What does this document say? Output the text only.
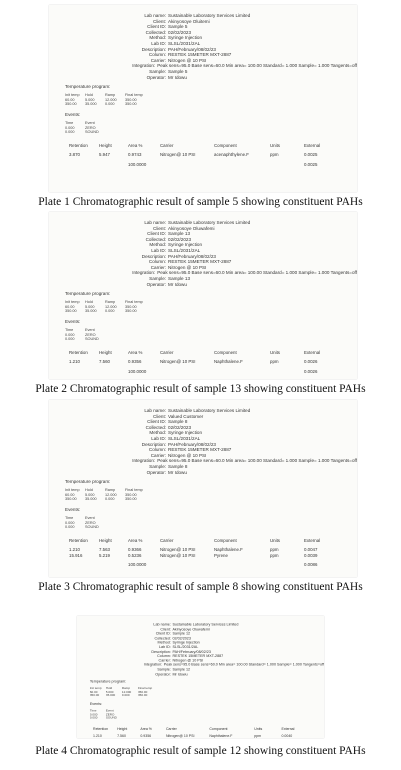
Lab name: Sustainable Laboratory Services Limited
Client: Akinyosoye Oluitemi
Client ID: Sample 5
Collected: 02/02/2023
Method: Syringe Injection
Lab ID: SLSL/2031/2AL
Description: PAH/February/08/02/23
Column: RESTEK 15METER MXT-2887
Carrier: Nitrogen @ 10 PSI
Integration: Peak sens=95.0 Base sens=60.0 Min area= 100.00 Standard= 1.000 Sample= 1.000 Tangents=off
Sample: Sample 5
Operator: Mr Idowu
Temperature program:
Init temp	Hold	Ramp	Final temp
60.00	5.000	12.000	350.00
350.00	35.000	0.000	350.00
Events:
Time	Event
0.000	ZERO
0.000	SOUND
Retention	Height	Area %	Carrier	Component	Units	External
3.870	5.947	0.9743	Nitrogen@ 10 PSI	acenaphthylene.F	ppm	0.0025
100.0000	0.0025
Plate 1 Chromatographic result of sample 5 showing constituent PAHs
Lab name: Sustainable Laboratory Services Limited
Client: Akinyosoye Oluwafemi
Client ID: Sample 13
Collected: 02/02/2023
Method: Syringe Injection
Lab ID: SLSL/2031/2AL
Description: PAH/February/08/02/23
Column: RESTEK 15METER MXT-2887
Carrier: Nitrogen @ 10 PSI
Integration: Peak sens=95.0 Base sens=60.0 Min area= 100.00 Standard= 1.000 Sample= 1.000 Tangents=off
Sample: Sample 13
Operator: Mr Idowu
Temperature program:
Init temp	Hold	Ramp	Final temp
60.00	5.000	12.000	350.00
350.00	35.000	0.000	350.00
Events:
Time	Event
0.000	ZERO
0.000	SOUND
Retention	Height	Area %	Carrier	Component	Units	External
1.210	7.560	0.9356	Nitrogen@ 10 PSI	Naphthalene.F	ppm	0.0026
100.0000	0.0026
Plate 2 Chromatographic result of sample 13 showing constituent PAHs
Lab name: Sustainable Laboratory Services Limited
Client: Valued Customer
Client ID: Sample 8
Collected: 02/02/2023
Method: Syringe Injection
Lab ID: SLSL/2031/2AL
Description: PAH/February/08/02/23
Column: RESTEK 15METER MXT-2887
Carrier: Nitrogen @ 10 PSI
Integration: Peak sens=95.0 Base sens=60.0 Min area= 100.00 Standard= 1.000 Sample= 1.000 Tangents=off
Sample: Sample 8
Operator: Mr Idowu
Temperature program:
Init temp	Hold	Ramp	Final temp
60.00	5.000	12.000	350.00
350.00	35.000	0.000	350.00
Events:
Time	Event
0.000	ZERO
0.000	SOUND
Retention	Height	Area %	Carrier	Component	Units	External
1.210	7.563	0.9366	Nitrogen@ 10 PSI	Naphthalene.F	ppm	0.0047
15.916	5.219	0.5236	Nitrogen@ 10 PSI	Pyrene	ppm	0.0039
100.0000	0.0086
Plate 3 Chromatographic result of sample 8 showing constituent PAHs
Lab name: Sustainable Laboratory Services Limited
Client: Akinyosoye Oluwafemi
Client ID: Sample 12
Collected: 02/02/2023
Method: Syringe Injection
Lab ID: SLSL/2031/2AL
Description: PAH/February/08/02/23
Column: RESTEK 15METER MXT-2887
Carrier: Nitrogen @ 10 PSI
Integration: Peak sens=95.0 Base sens=60.0 Min area= 100.00 Standard= 1.000 Sample= 1.000 Tangents=off
Sample: Sample 12
Operator: Mr Idowu
Temperature program:
Init temp	Hold	Ramp	Final temp
60.00	5.000	12.000	350.00
350.00	35.000	0.000	350.00
Events:
Time	Event
0.000	ZERO
0.000	SOUND
Retention	Height	Area %	Carrier	Component	Units	External
1.210	7.560	0.9356	Nitrogen@ 10 PSI	Naphthalene.F	ppm	0.0040
Plate 4 Chromatographic result of sample 12 showing constituent PAHs
